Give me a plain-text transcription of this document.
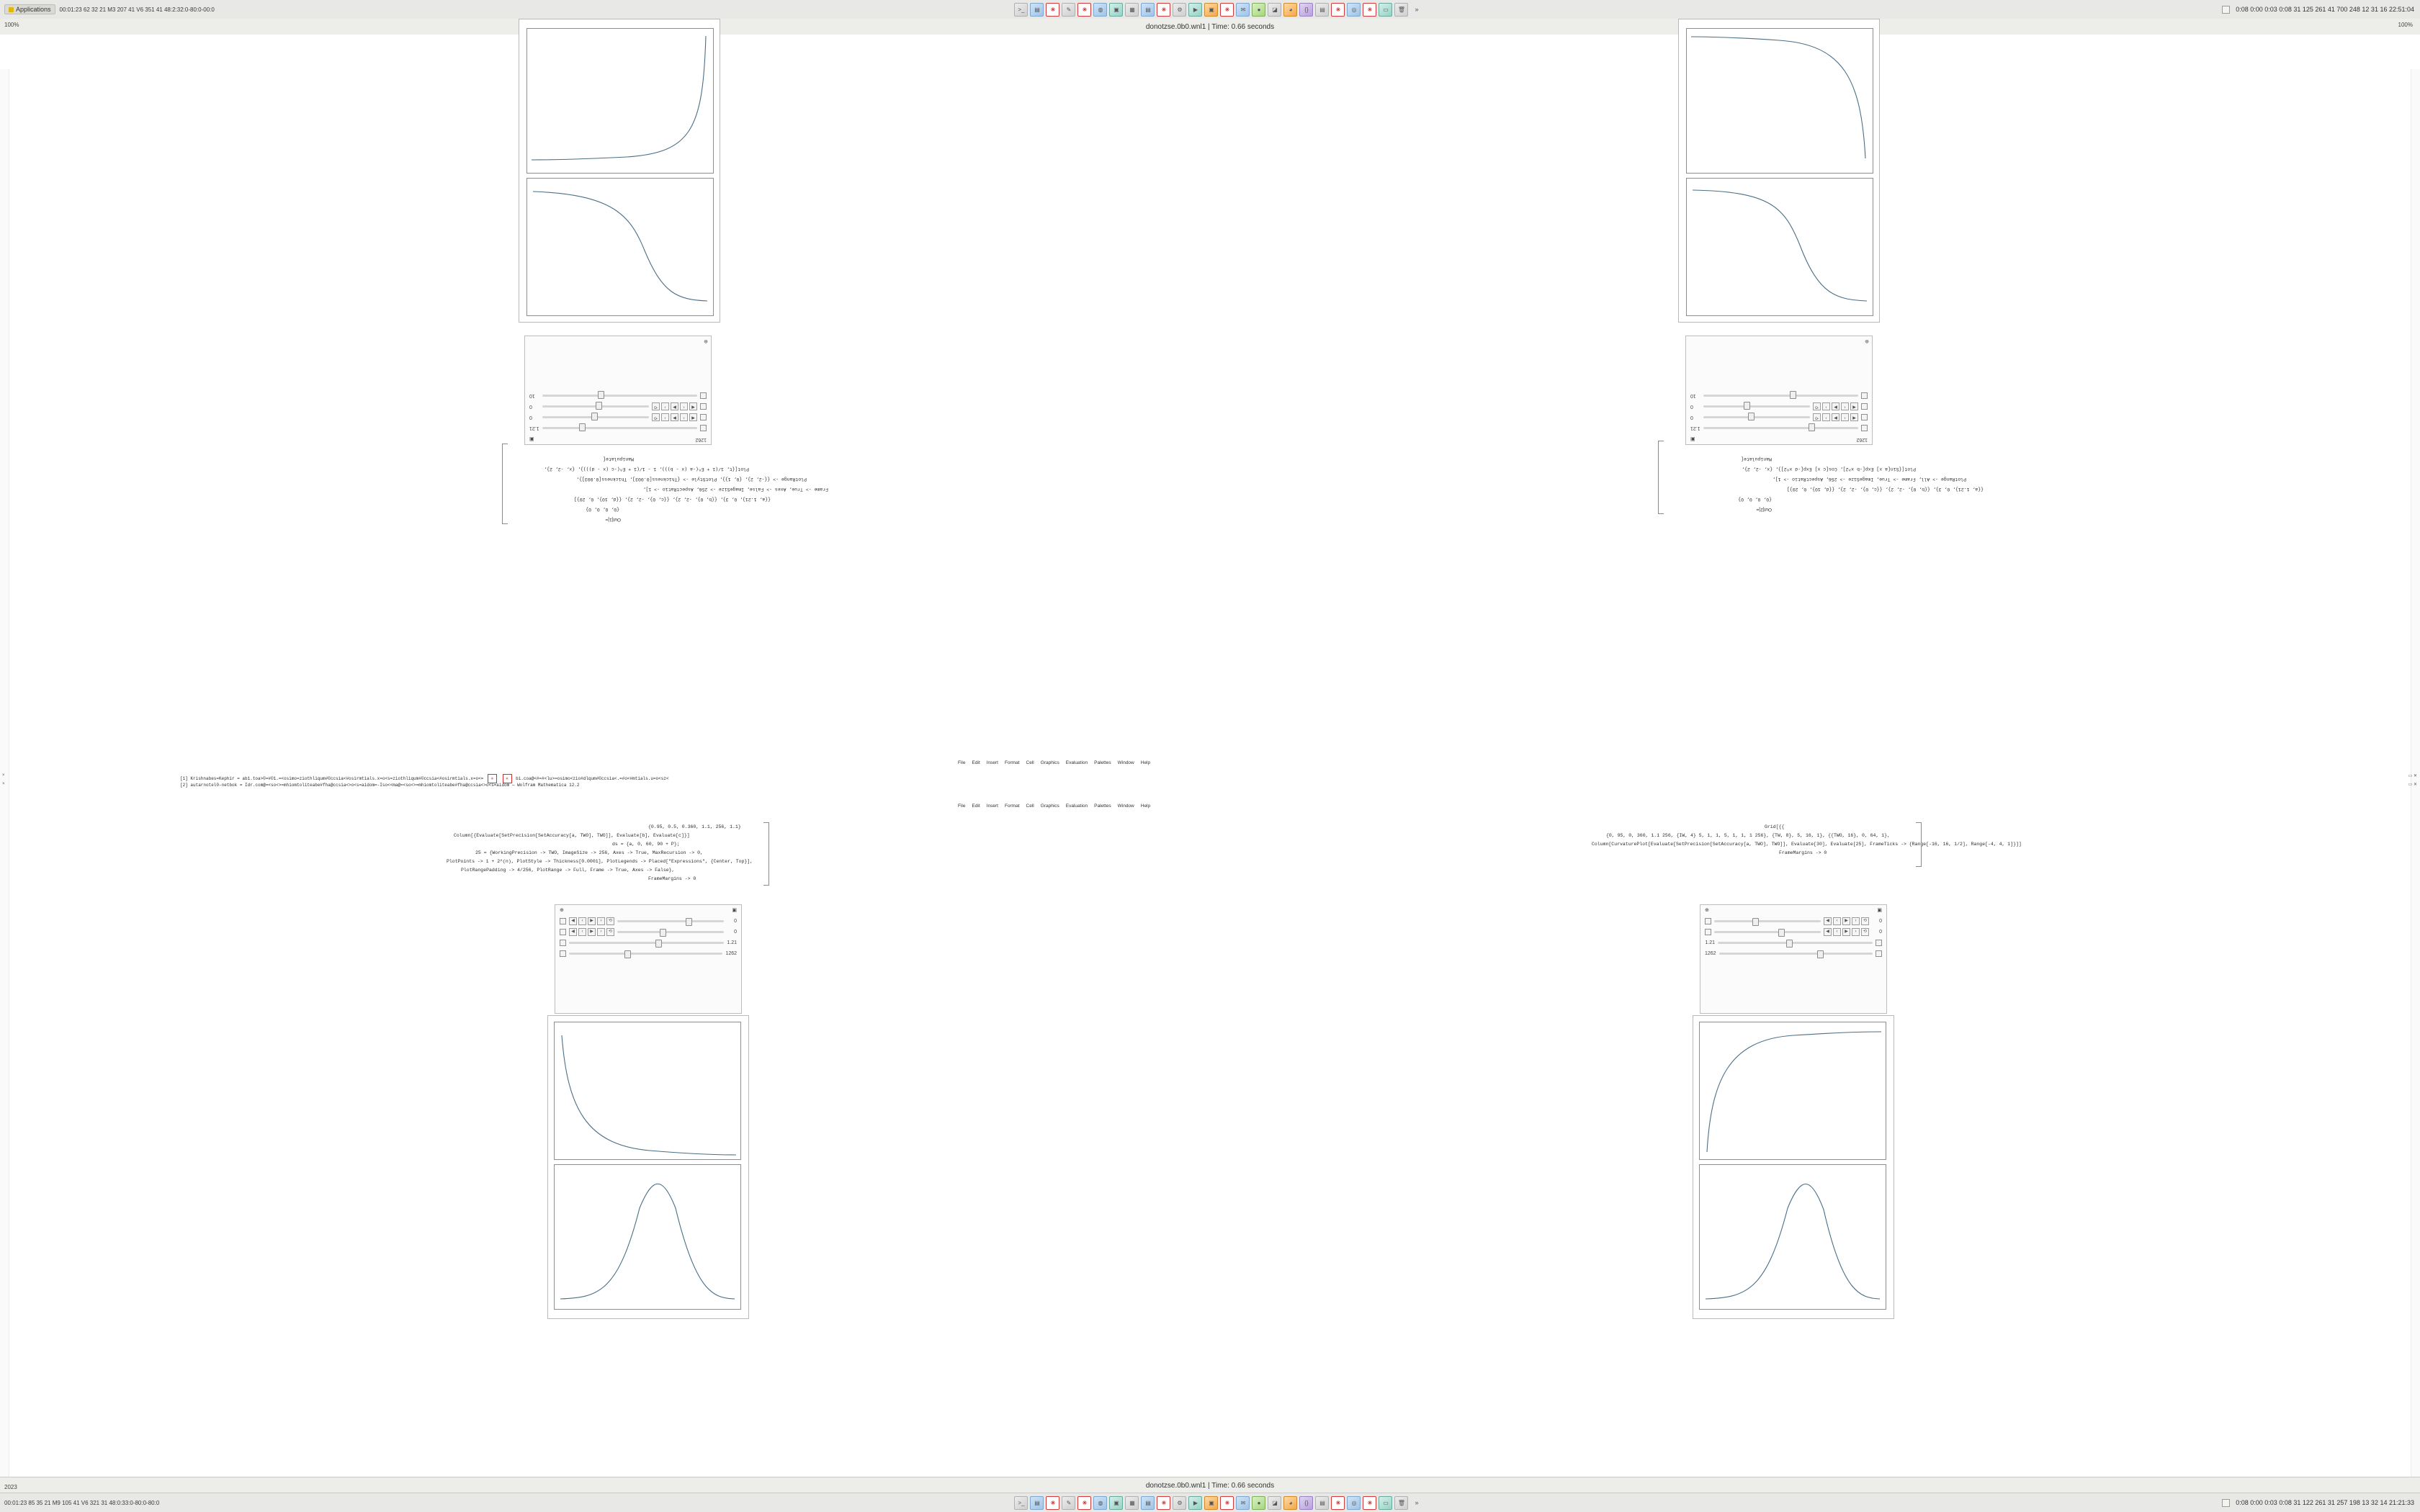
Applications 00:01:23 62 32 21 M3 207 41 V6 351 41 48:2:32:0-80:0-00:0	>_	▤	✳	✎	✳	◍	▣	▦	▤	✳	⚙	▶	▣	✳	✉	●	◪	◕	{}	▤	✳	◎	✳	▭	🗑	»	0:08 0:00 0:03 0:08 31 125 261 41 700 248 12 31 16 22:51:04
donotzse.0b0.wnl1 | Time: 0.66 seconds
1262
▣
1.21
◀
‹
▶
›
⟲
0
◀
‹
▶
›
⟲
0
10
⊕
Manipulate[
Plot[{t, 1/(1 + E^(-a (x - b))), 1 - 1/(1 + E^(-c (x - d)))}, {x, -2, 2},
PlotRange -> {{-2, 2}, {0, 1}}, PlotStyle -> {Thickness[0.003], Thickness[0.003]},
Frame -> True, Axes -> False, ImageSize -> 256, AspectRatio -> 1],
{{a, 1.21}, 0, 3}, {{b, 0}, -2, 2}, {{c, 0}, -2, 2}, {{d, 10}, 0, 20}]
{0, 0, 0, 0}
Out[1]=
1262
▣
1.21
◀
‹
▶
›
⟲
0
◀
‹
▶
›
⟲
0
10
⊕
Manipulate[
Plot[{Sin[a x] Exp[-b x^2], Cos[c x] Exp[-d x^2]}, {x, -2, 2},
PlotRange -> All, Frame -> True, ImageSize -> 256, AspectRatio -> 1],
{{a, 1.21}, 0, 3}, {{b, 0}, -2, 2}, {{c, 0}, -2, 2}, {{d, 10}, 0, 20}]
{0, 0, 0, 0}
Out[2]=
File Edit Insert Format Cell Graphics Evaluation Palettes Window Help
[1] Krishnabes=Kephir = ab1.toa>©=#©1.=<osimo=ziothliqum#©ccsia<#osirmtials.x=o<s=ziothliqum#©ccsia<#osirmtials.x=o<= ✳ ✳ bi.coa@<#=#<lu>=osimo<zio#dlqum#©ccsia<.=#o<#mtials.u=o<sz<
[2] autarnotel0-netbok = Idr.com@=<so<>=mhiomtoliteabe#fha@ccsia<>o<s=aidom=-Iso<<ma@=<so<>=mhiomtoliteabe#fha@ccsia<>o<s=aidom — Wolfram Mathematica 12.2
File Edit Insert Format Cell Graphics Evaluation Palettes Window Help
×
×
▭ ✕
▭ ✕
{0.95, 0.5, 0.360, 1.1, 256, 1.1}
Column[{Evaluate[SetPrecision[SetAccuracy[a, TWO], TWO]], Evaluate[b], Evaluate[c]}]
ds = {a, 0, 60, 90 + P};
25 = {WorkingPrecision -> TWO, ImageSize -> 256, Axes -> True, MaxRecursion -> 0,
PlotPoints -> 1 + 2^(n), PlotStyle -> Thickness[0.0001], PlotLegends -> Placed["Expressions", {Center, Top}],
PlotRangePadding -> 4/256, PlotRange -> Full, Frame -> True, Axes -> False},
FrameMargins -> 0
⊕	▣
◀	‹	▶	›	⟲	0
◀	‹	▶	›	⟲	0
1.21
1262
Grid[{{
{0, 95, 0, 360, 1.1 256, {IW, 4} 5, 1, 1, 5, 1, 1, 1 256}, {TW, 8}, 5, 16, 1}, {{TWO, 16}, 0, 64, 1},
Column[CurvaturePlot[Evaluate[SetPrecision[SetAccuracy[a, TWO], TWO]], Evaluate[30], Evaluate[25], FrameTicks -> {Range[-16, 16, 1/2], Range[-4, 4, 1]}]]
FrameMargins -> 0
⊕	▣
◀	‹	▶	›	⟲	0
◀	‹	▶	›	⟲	0
1.21
1262
donotzse.0b0.wnl1 | Time: 0.66 seconds
00:01:23 85 35 21 M9 105 41 V6 321 31 48:0:33:0-80:0-80:0	>_	▤	✳	✎	✳	◍	▣	▦	▤	✳	⚙	▶	▣	✳	✉	●	◪	◕	{}	▤	✳	◎	✳	▭	🗑	»	0:08 0:00 0:03 0:08 31 122 261 31 257 198 13 32 14 21:21:33
100%
2023
100%
